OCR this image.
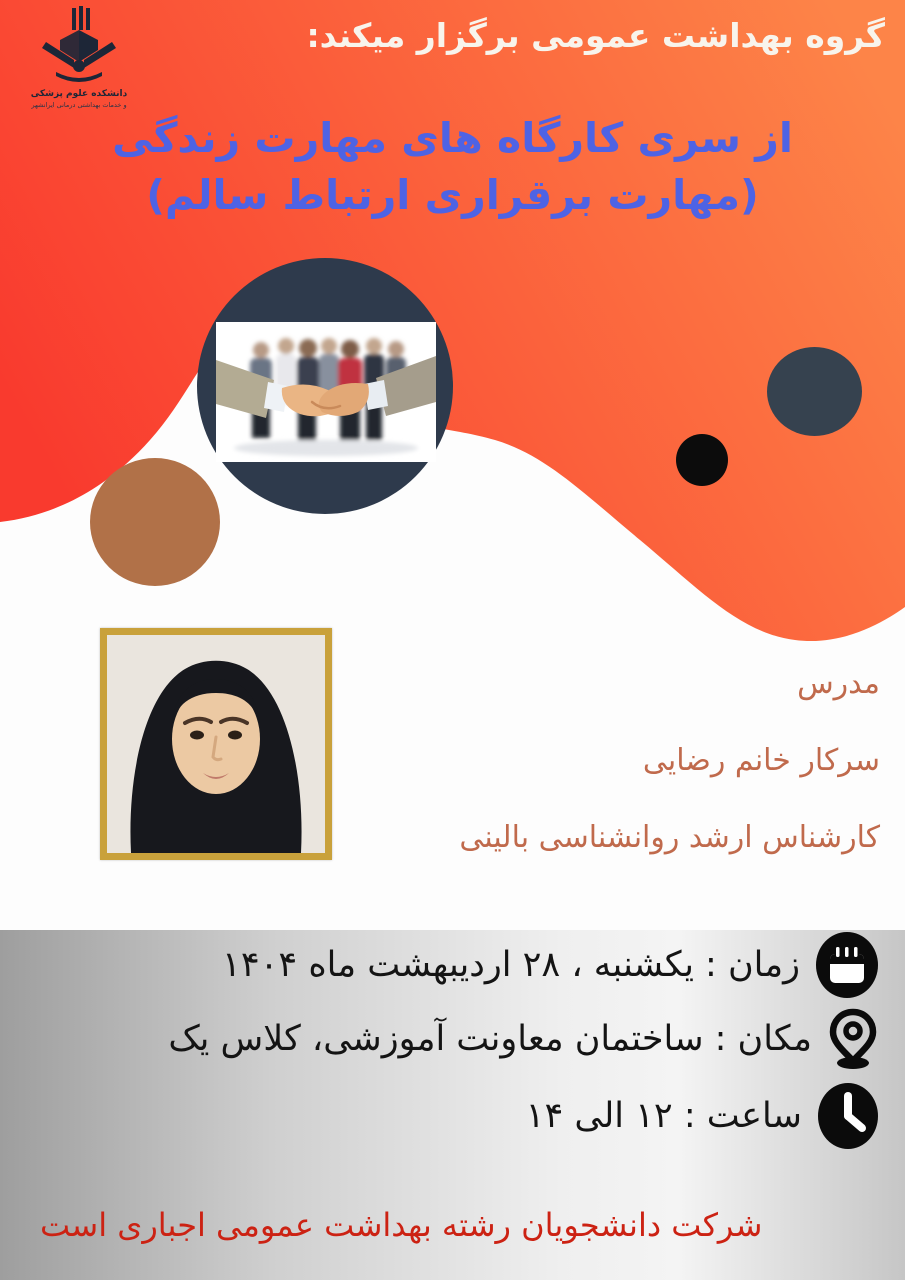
دانشکده علوم پزشکی
و خدمات بهداشتی درمانی ایرانشهر
گروه بهداشت عمومی برگزار میکند:
از سری کارگاه های مهارت زندگی
(مهارت برقراری ارتباط سالم)
مدرس
سرکار خانم رضایی
کارشناس ارشد روانشناسی بالینی
زمان : یکشنبه ، ۲۸ اردیبهشت ماه ۱۴۰۴
مکان : ساختمان معاونت آموزشی، کلاس یک
ساعت : ۱۲ الی ۱۴
شرکت دانشجویان رشته بهداشت عمومی اجباری است
